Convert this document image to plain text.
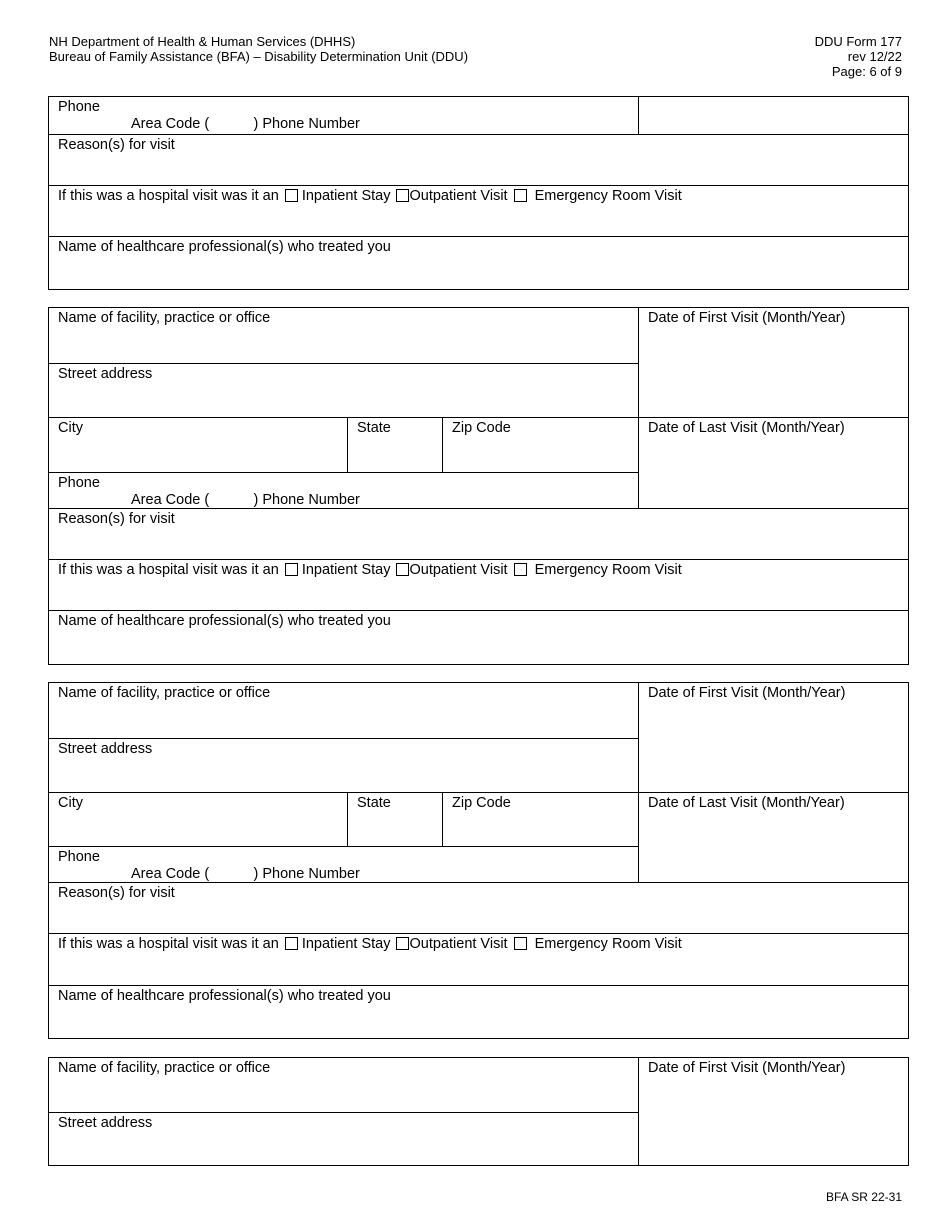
NH Department of Health & Human Services (DHHS)
Bureau of Family Assistance (BFA) – Disability Determination Unit (DDU)
DDU Form 177
rev 12/22
Page: 6 of 9
Phone
Area Code (           ) Phone Number
Reason(s) for visit
If this was a hospital visit was it an Inpatient Stay Outpatient Visit Emergency Room Visit
Name of healthcare professional(s) who treated you
Name of facility, practice or office	Date of First Visit (Month/Year)
Street address
City	State	Zip Code	Date of Last Visit (Month/Year)
Phone
Area Code (           ) Phone Number
Reason(s) for visit
If this was a hospital visit was it an Inpatient Stay Outpatient Visit Emergency Room Visit
Name of healthcare professional(s) who treated you
Name of facility, practice or office	Date of First Visit (Month/Year)
Street address
City	State	Zip Code	Date of Last Visit (Month/Year)
Phone
Area Code (           ) Phone Number
Reason(s) for visit
If this was a hospital visit was it an Inpatient Stay Outpatient Visit Emergency Room Visit
Name of healthcare professional(s) who treated you
Name of facility, practice or office	Date of First Visit (Month/Year)
Street address
BFA SR 22-31
